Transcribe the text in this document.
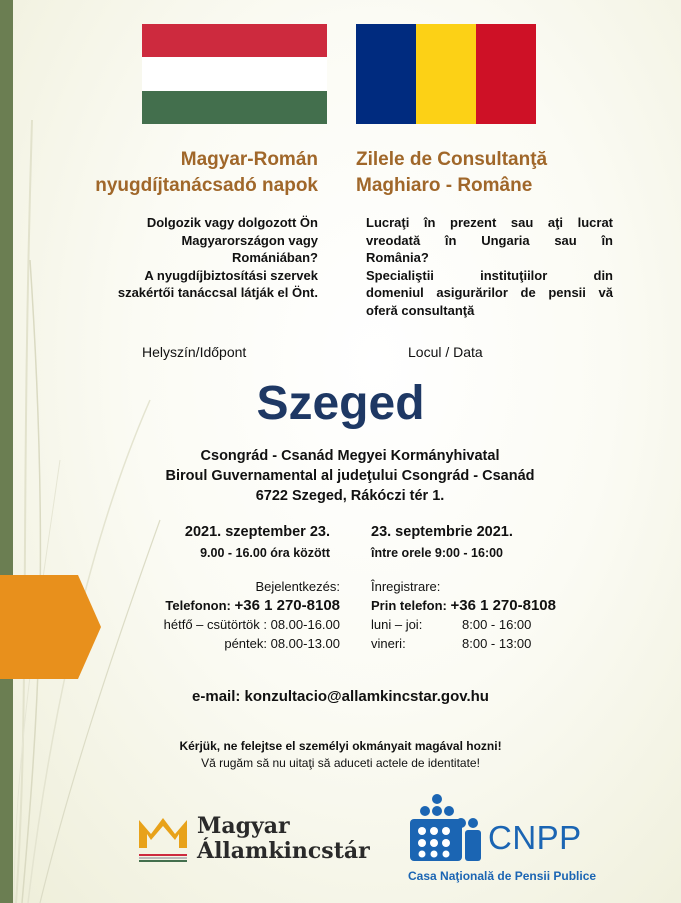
Magyar-Román
nyugdíjtanácsadó napok
Zilele de Consultanţă
Maghiaro - Române
Dolgozik vagy dolgozott Ön
Magyarországon vagy
Romániában?
A nyugdíjbiztosítási szervek
szakértői tanáccsal látják el Önt.
Lucraţi în prezent sau aţi lucrat
vreodată în Ungaria sau în
România?
Specialiştii instituţiilor din
domeniul asigurărilor de pensii vă
oferă consultanţă
Helyszín/Időpont	Locul / Data
Szeged
Csongrád - Csanád Megyei Kormányhivatal
Biroul Guvernamental al judeţului Csongrád - Csanád
6722 Szeged, Rákóczi tér 1.
2021. szeptember 23.
9.00 - 16.00 óra között
23. septembrie 2021.
între orele 9:00 - 16:00
Bejelentkezés:
Telefonon: +36 1 270-8108
hétfő – csütörtök : 08.00-16.00
péntek: 08.00-13.00
Înregistrare:
Prin telefon: +36 1 270-8108
luni – joi:	8:00 - 16:00
vineri:	8:00 - 13:00
e-mail: konzultacio@allamkincstar.gov.hu
Kérjük, ne felejtse el személyi okmányait magával hozni!
Vă rugăm să nu uitaţi să aduceti actele de identitate!
Magyar
Államkincstár	CNPP
Casa Naţională de Pensii Publice
